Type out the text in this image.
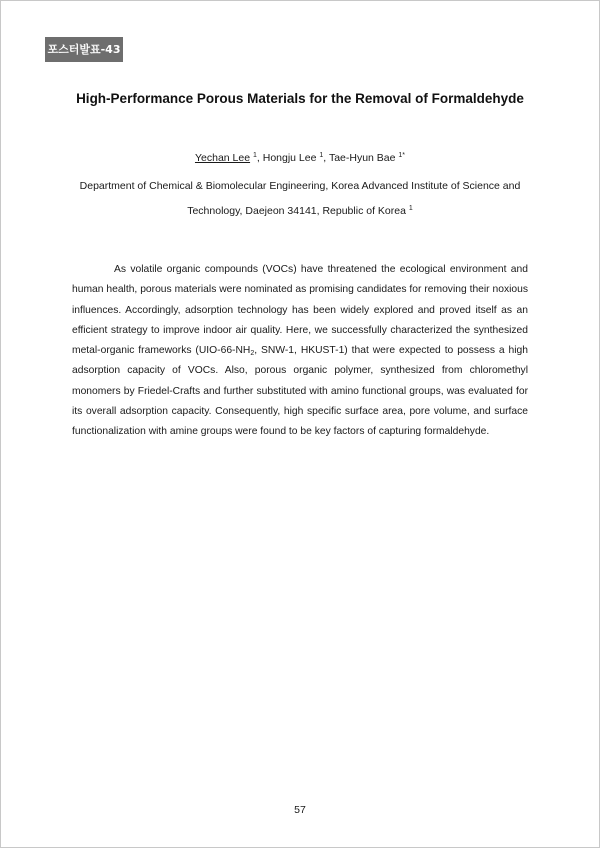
포스터발표-43
High-Performance Porous Materials for the Removal of Formaldehyde
Yechan Lee $^1$, Hongju Lee $^1$, Tae-Hyun Bae $^{1*}$
Department of Chemical & Biomolecular Engineering, Korea Advanced Institute of Science and
Technology, Daejeon 34141, Republic of Korea $^1$

As volatile organic compounds (VOCs) have threatened the ecological environment and human health, porous materials were nominated as promising candidates for removing their noxious influences. Accordingly, adsorption technology has been widely explored and proved itself as an efficient strategy to improve indoor air quality. Here, we successfully characterized the synthesized metal-organic frameworks ($UIO-66-NH_2$, SNW-1, HKUST-1) that were expected to possess a high adsorption capacity of VOCs. Also, porous organic polymer, synthesized from chloromethyl monomers by Friedel-Crafts and further substituted with amino functional groups, was evaluated for its overall adsorption capacity. Consequently, high specific surface area, pore volume, and surface functionalization with amine groups were found to be key factors of capturing formaldehyde.

57
